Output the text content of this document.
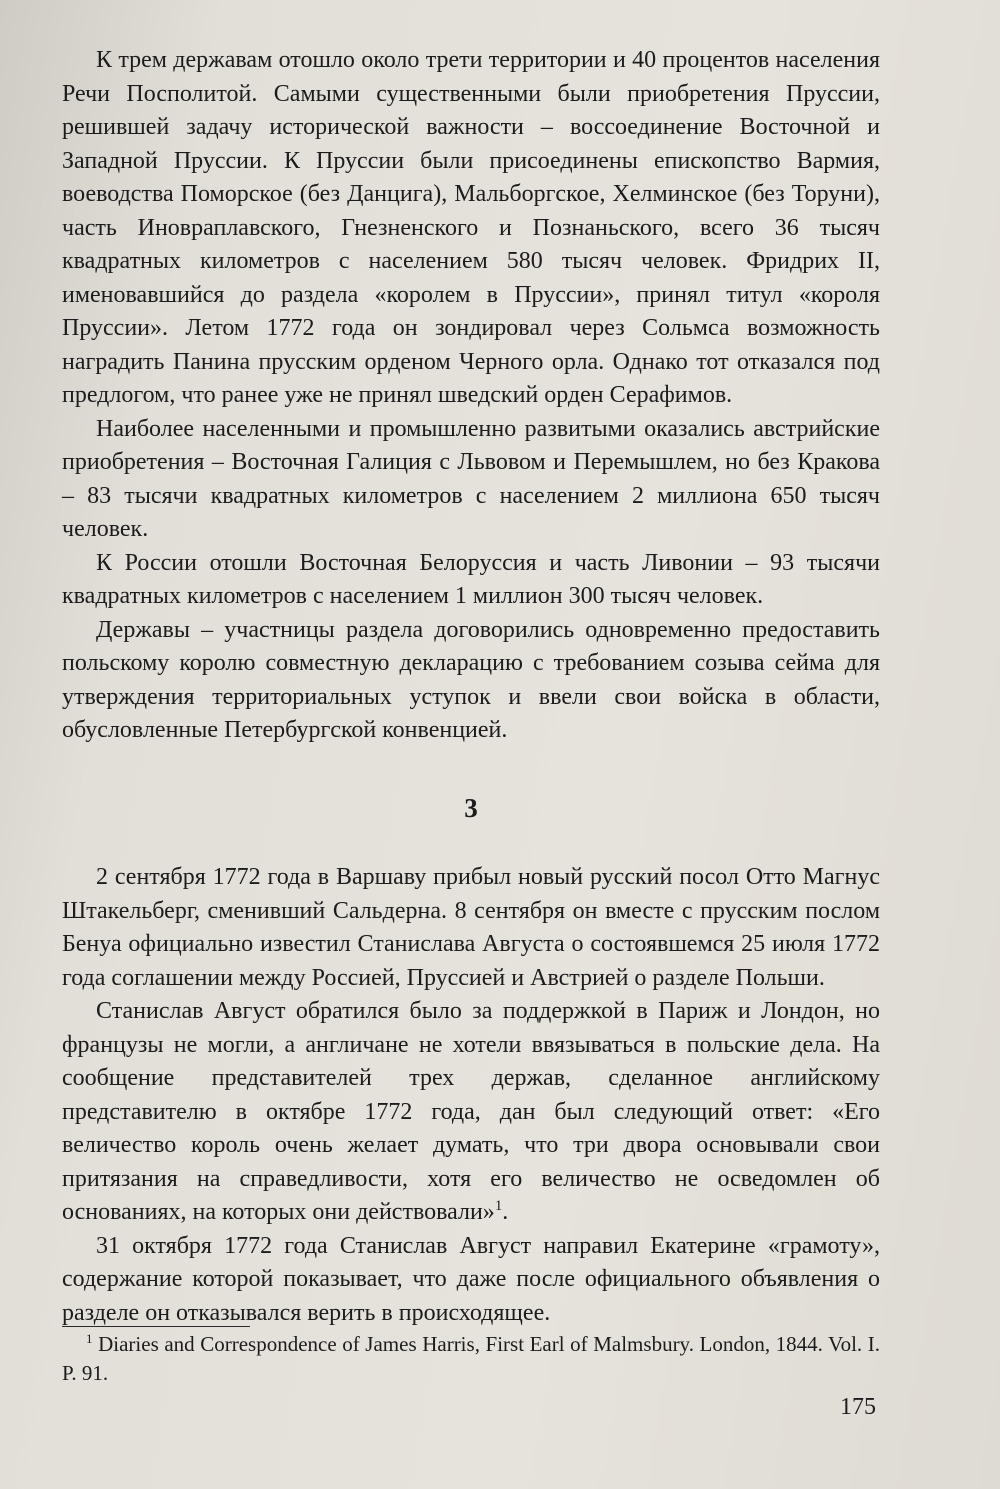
К трем державам отошло около трети территории и 40 процентов населения Речи Посполитой. Самыми существенными были приобретения Пруссии, решившей задачу исторической важности – воссоединение Восточной и Западной Пруссии. К Пруссии были присоединены епископство Вармия, воеводства Поморское (без Данцига), Мальборгское, Хелминское (без Торуни), часть Иновраплавского, Гнезненского и Познаньского, всего 36 тысяч квадратных километров с населением 580 тысяч человек. Фридрих II, именовавшийся до раздела «королем в Пруссии», принял титул «короля Пруссии». Летом 1772 года он зондировал через Сольмса возможность наградить Панина прусским орденом Черного орла. Однако тот отказался под предлогом, что ранее уже не принял шведский орден Серафимов.

Наиболее населенными и промышленно развитыми оказались австрийские приобретения – Восточная Галиция с Львовом и Перемышлем, но без Кракова – 83 тысячи квадратных километров с населением 2 миллиона 650 тысяч человек.

К России отошли Восточная Белоруссия и часть Ливонии – 93 тысячи квадратных километров с населением 1 миллион 300 тысяч человек.

Державы – участницы раздела договорились одновременно предоставить польскому королю совместную декларацию с требованием созыва сейма для утверждения территориальных уступок и ввели свои войска в области, обусловленные Петербургской конвенцией.

3

2 сентября 1772 года в Варшаву прибыл новый русский посол Отто Магнус Штакельберг, сменивший Сальдерна. 8 сентября он вместе с прусским послом Бенуа официально известил Станислава Августа о состоявшемся 25 июля 1772 года соглашении между Россией, Пруссией и Австрией о разделе Польши.

Станислав Август обратился было за поддержкой в Париж и Лондон, но французы не могли, а англичане не хотели ввязываться в польские дела. На сообщение представителей трех держав, сделанное английскому представителю в октябре 1772 года, дан был следующий ответ: «Его величество король очень желает думать, что три двора основывали свои притязания на справедливости, хотя его величество не осведомлен об основаниях, на которых они действовали»$^1$.

31 октября 1772 года Станислав Август направил Екатерине «грамоту», содержание которой показывает, что даже после официального объявления о разделе он отказывался верить в происходящее.

$^1$ Diaries and Correspondence of James Harris, First Earl of Malmsbury. London, 1844. Vol. I. P. 91.

175
